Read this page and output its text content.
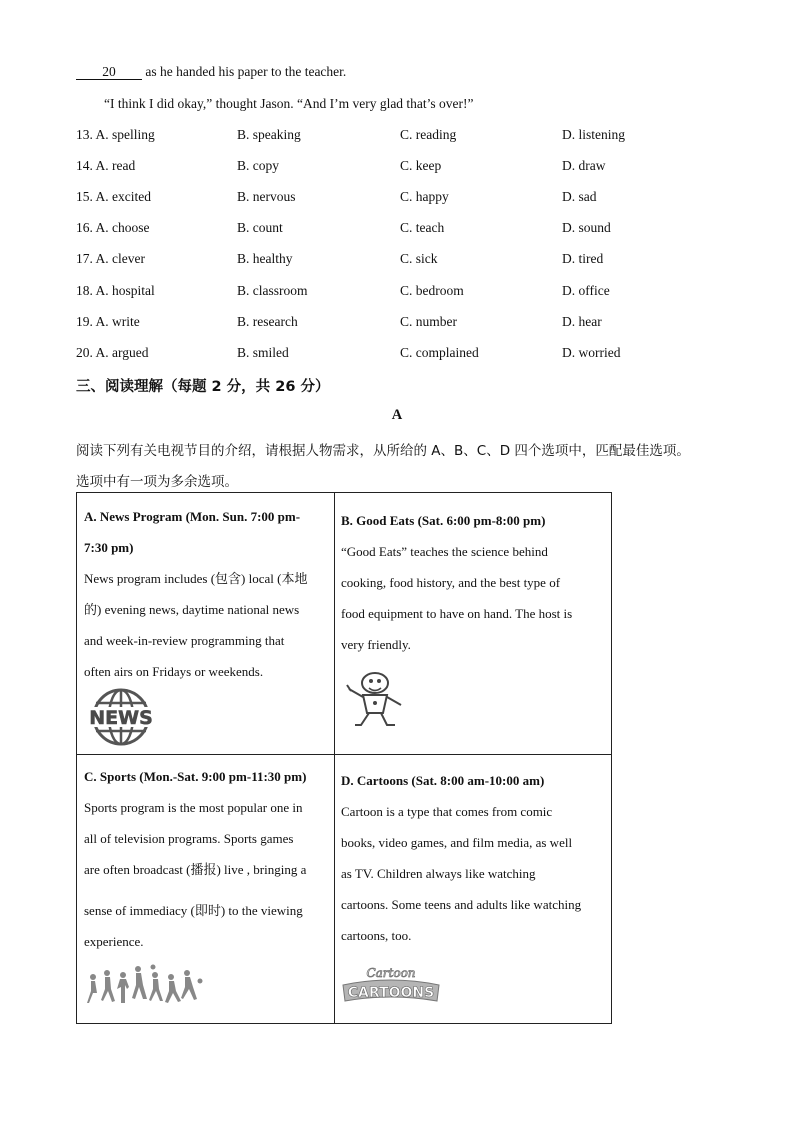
20 as he handed his paper to the teacher.
“I think I did okay,” thought Jason. “And I’m very glad that’s over!”
13. A. spelling	B. speaking	C. reading	D. listening
14. A. read	B. copy	C. keep	D. draw
15. A. excited	B. nervous	C. happy	D. sad
16. A. choose	B. count	C. teach	D. sound
17. A. clever	B. healthy	C. sick	D. tired
18. A. hospital	B. classroom	C. bedroom	D. office
19. A. write	B. research	C. number	D. hear
20. A. argued	B. smiled	C. complained	D. worried
三、阅读理解（每题 2 分，共 26 分）
A
阅读下列有关电视节目的介绍，请根据人物需求，从所给的 A、B、C、D 四个选项中，匹配最佳选项。
选项中有一项为多余选项。

A. News Program (Mon. Sun. 7:00 pm-

7:30 pm)

News program includes (包含) local (本地

的) evening news, daytime national news

and week-in-review programming that

often airs on Fridays or weekends.

NEWS

B. Good Eats (Sat. 6:00 pm-8:00 pm)

“Good Eats” teaches the science behind

cooking, food history, and the best type of

food equipment to have on hand. The host is

very friendly.

C. Sports (Mon.-Sat. 9:00 pm-11:30 pm)

Sports program is the most popular one in

all of television programs. Sports games

are often broadcast (播报) live , bringing a

sense of immediacy (即时) to the viewing

experience.

D. Cartoons (Sat. 8:00 am-10:00 am)

Cartoon is a type that comes from comic

books, video games, and film media, as well

as TV. Children always like watching

cartoons. Some teens and adults like watching

cartoons, too.

Cartoon
CARTOONS
